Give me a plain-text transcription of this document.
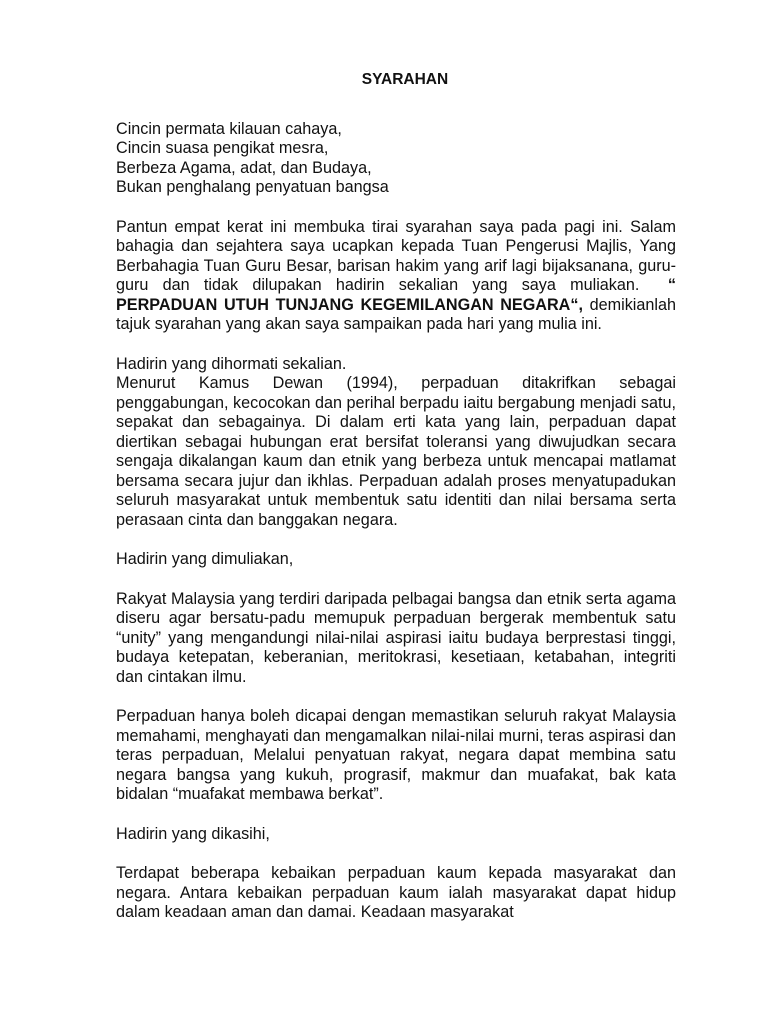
SYARAHAN
Cincin permata kilauan cahaya,
Cincin suasa pengikat mesra,
Berbeza Agama, adat, dan Budaya,
Bukan penghalang penyatuan bangsa

Pantun empat kerat ini membuka tirai syarahan saya pada pagi ini. Salam bahagia dan sejahtera saya ucapkan kepada Tuan Pengerusi Majlis, Yang Berbahagia Tuan Guru Besar, barisan hakim yang arif lagi bijaksanana, guru-guru dan tidak dilupakan hadirin sekalian yang saya muliakan. “ PERPADUAN UTUH TUNJANG KEGEMILANGAN NEGARA“, demikianlah tajuk syarahan yang akan saya sampaikan pada hari yang mulia ini.

Hadirin yang dihormati sekalian.

Menurut Kamus Dewan (1994), perpaduan ditakrifkan sebagai penggabungan, kecocokan dan perihal berpadu iaitu bergabung menjadi satu, sepakat dan sebagainya. Di dalam erti kata yang lain, perpaduan dapat diertikan sebagai hubungan erat bersifat toleransi yang diwujudkan secara sengaja dikalangan kaum dan etnik yang berbeza untuk mencapai matlamat bersama secara jujur dan ikhlas. Perpaduan adalah proses menyatupadukan seluruh masyarakat untuk membentuk satu identiti dan nilai bersama serta perasaan cinta dan banggakan negara.

Hadirin yang dimuliakan,

Rakyat Malaysia yang terdiri daripada pelbagai bangsa dan etnik serta agama diseru agar bersatu-padu memupuk perpaduan bergerak membentuk satu “unity” yang mengandungi nilai-nilai aspirasi iaitu budaya berprestasi tinggi, budaya ketepatan, keberanian, meritokrasi, kesetiaan, ketabahan, integriti dan cintakan ilmu.

Perpaduan hanya boleh dicapai dengan memastikan seluruh rakyat Malaysia memahami, menghayati dan mengamalkan nilai-nilai murni, teras aspirasi dan teras perpaduan, Melalui penyatuan rakyat, negara dapat membina satu negara bangsa yang kukuh, prograsif, makmur dan muafakat, bak kata bidalan “muafakat membawa berkat”.

Hadirin yang dikasihi,

Terdapat beberapa kebaikan perpaduan kaum kepada masyarakat dan negara. Antara kebaikan perpaduan kaum ialah masyarakat dapat hidup dalam keadaan aman dan damai. Keadaan masyarakat
